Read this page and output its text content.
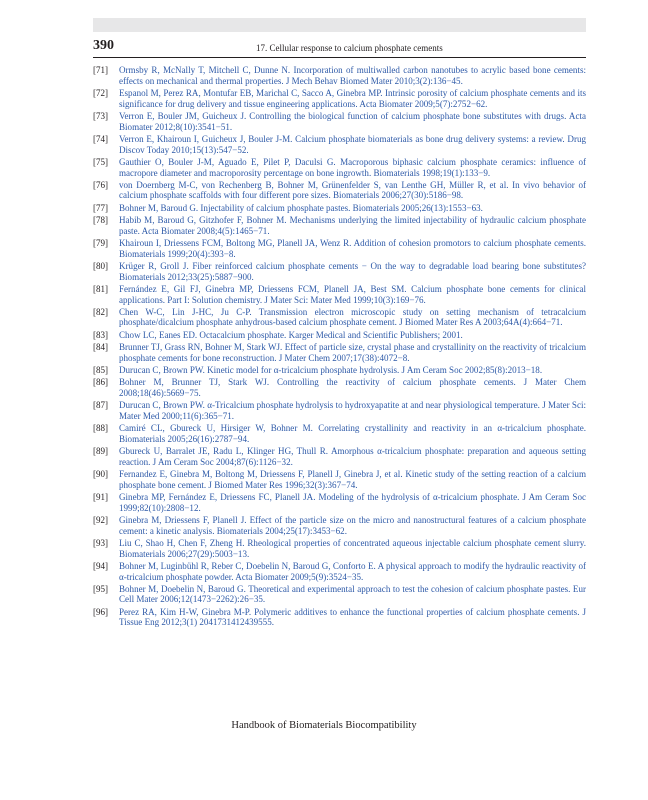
390	17. Cellular response to calcium phosphate cements
[71] Ormsby R, McNally T, Mitchell C, Dunne N. Incorporation of multiwalled carbon nanotubes to acrylic based bone cements: effects on mechanical and thermal properties. J Mech Behav Biomed Mater 2010;3(2):136−45.
[72] Espanol M, Perez RA, Montufar EB, Marichal C, Sacco A, Ginebra MP. Intrinsic porosity of calcium phosphate cements and its significance for drug delivery and tissue engineering applications. Acta Biomater 2009;5(7):2752−62.
[73] Verron E, Bouler JM, Guicheux J. Controlling the biological function of calcium phosphate bone substitutes with drugs. Acta Biomater 2012;8(10):3541−51.
[74] Verron E, Khairoun I, Guicheux J, Bouler J-M. Calcium phosphate biomaterials as bone drug delivery systems: a review. Drug Discov Today 2010;15(13):547−52.
[75] Gauthier O, Bouler J-M, Aguado E, Pilet P, Daculsi G. Macroporous biphasic calcium phosphate ceramics: influence of macropore diameter and macroporosity percentage on bone ingrowth. Biomaterials 1998;19(1):133−9.
[76] von Doernberg M-C, von Rechenberg B, Bohner M, Grünenfelder S, van Lenthe GH, Müller R, et al. In vivo behavior of calcium phosphate scaffolds with four different pore sizes. Biomaterials 2006;27(30):5186−98.
[77] Bohner M, Baroud G. Injectability of calcium phosphate pastes. Biomaterials 2005;26(13):1553−63.
[78] Habib M, Baroud G, Gitzhofer F, Bohner M. Mechanisms underlying the limited injectability of hydraulic calcium phosphate paste. Acta Biomater 2008;4(5):1465−71.
[79] Khairoun I, Driessens FCM, Boltong MG, Planell JA, Wenz R. Addition of cohesion promotors to calcium phosphate cements. Biomaterials 1999;20(4):393−8.
[80] Krüger R, Groll J. Fiber reinforced calcium phosphate cements − On the way to degradable load bearing bone substitutes? Biomaterials 2012;33(25):5887−900.
[81] Fernández E, Gil FJ, Ginebra MP, Driessens FCM, Planell JA, Best SM. Calcium phosphate bone cements for clinical applications. Part I: Solution chemistry. J Mater Sci: Mater Med 1999;10(3):169−76.
[82] Chen W-C, Lin J-HC, Ju C-P. Transmission electron microscopic study on setting mechanism of tetracalcium phosphate/dicalcium phosphate anhydrous-based calcium phosphate cement. J Biomed Mater Res A 2003;64A(4):664−71.
[83] Chow LC, Eanes ED. Octacalcium phosphate. Karger Medical and Scientific Publishers; 2001.
[84] Brunner TJ, Grass RN, Bohner M, Stark WJ. Effect of particle size, crystal phase and crystallinity on the reactivity of tricalcium phosphate cements for bone reconstruction. J Mater Chem 2007;17(38):4072−8.
[85] Durucan C, Brown PW. Kinetic model for α-tricalcium phosphate hydrolysis. J Am Ceram Soc 2002;85(8):2013−18.
[86] Bohner M, Brunner TJ, Stark WJ. Controlling the reactivity of calcium phosphate cements. J Mater Chem 2008;18(46):5669−75.
[87] Durucan C, Brown PW. α-Tricalcium phosphate hydrolysis to hydroxyapatite at and near physiological temperature. J Mater Sci: Mater Med 2000;11(6):365−71.
[88] Camiré CL, Gbureck U, Hirsiger W, Bohner M. Correlating crystallinity and reactivity in an α-tricalcium phosphate. Biomaterials 2005;26(16):2787−94.
[89] Gbureck U, Barralet JE, Radu L, Klinger HG, Thull R. Amorphous α-tricalcium phosphate: preparation and aqueous setting reaction. J Am Ceram Soc 2004;87(6):1126−32.
[90] Fernandez E, Ginebra M, Boltong M, Driessens F, Planell J, Ginebra J, et al. Kinetic study of the setting reaction of a calcium phosphate bone cement. J Biomed Mater Res 1996;32(3):367−74.
[91] Ginebra MP, Fernández E, Driessens FC, Planell JA. Modeling of the hydrolysis of α-tricalcium phosphate. J Am Ceram Soc 1999;82(10):2808−12.
[92] Ginebra M, Driessens F, Planell J. Effect of the particle size on the micro and nanostructural features of a calcium phosphate cement: a kinetic analysis. Biomaterials 2004;25(17):3453−62.
[93] Liu C, Shao H, Chen F, Zheng H. Rheological properties of concentrated aqueous injectable calcium phosphate cement slurry. Biomaterials 2006;27(29):5003−13.
[94] Bohner M, Luginbühl R, Reber C, Doebelin N, Baroud G, Conforto E. A physical approach to modify the hydraulic reactivity of α-tricalcium phosphate powder. Acta Biomater 2009;5(9):3524−35.
[95] Bohner M, Doebelin N, Baroud G. Theoretical and experimental approach to test the cohesion of calcium phosphate pastes. Eur Cell Mater 2006;12(1473−2262):26−35.
[96] Perez RA, Kim H-W, Ginebra M-P. Polymeric additives to enhance the functional properties of calcium phosphate cements. J Tissue Eng 2012;3(1) 2041731412439555.
Handbook of Biomaterials Biocompatibility
